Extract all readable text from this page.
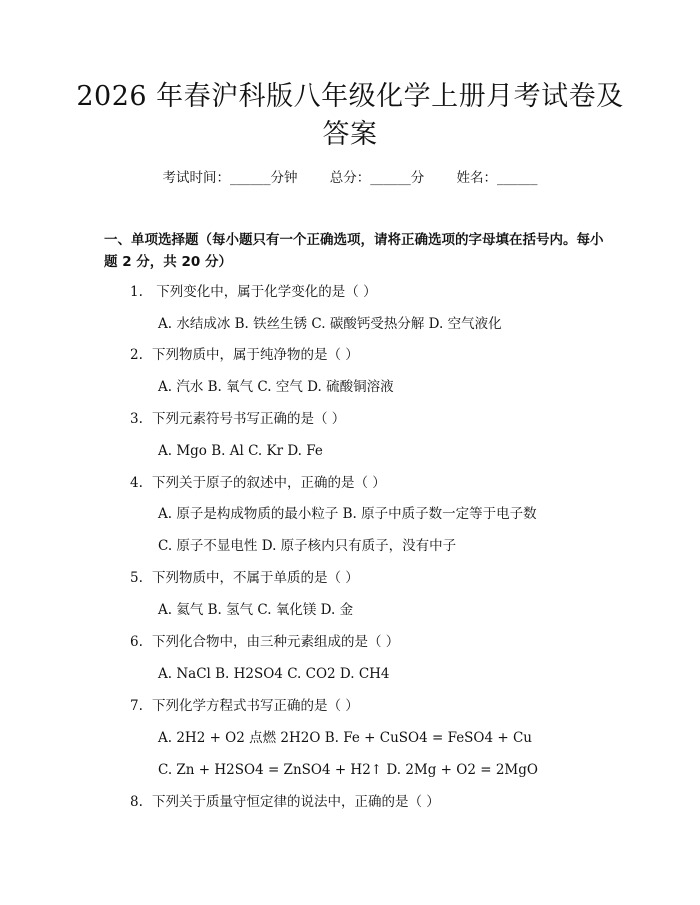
2026 年春沪科版八年级化学上册月考试卷及答案
考试时间：______分钟 总分：______分 姓名：______
一、单项选择题（每小题只有一个正确选项，请将正确选项的字母填在括号内。每小题 2 分，共 20 分）
1. 下列变化中，属于化学变化的是（ ）
A. 水结成冰 B. 铁丝生锈 C. 碳酸钙受热分解 D. 空气液化
2. 下列物质中，属于纯净物的是（ ）
A. 汽水 B. 氧气 C. 空气 D. 硫酸铜溶液
3. 下列元素符号书写正确的是（ ）
A. Mgo B. Al C. Kr D. Fe
4. 下列关于原子的叙述中，正确的是（ ）
A. 原子是构成物质的最小粒子 B. 原子中质子数一定等于电子数
C. 原子不显电性 D. 原子核内只有质子，没有中子
5. 下列物质中，不属于单质的是（ ）
A. 氦气 B. 氢气 C. 氧化镁 D. 金
6. 下列化合物中，由三种元素组成的是（ ）
A. NaCl B. H2SO4 C. CO2 D. CH4
7. 下列化学方程式书写正确的是（ ）
A. 2H2 + O2 点燃 2H2O B. Fe + CuSO4 = FeSO4 + Cu
C. Zn + H2SO4 = ZnSO4 + H2↑ D. 2Mg + O2 = 2MgO
8. 下列关于质量守恒定律的说法中，正确的是（ ）
